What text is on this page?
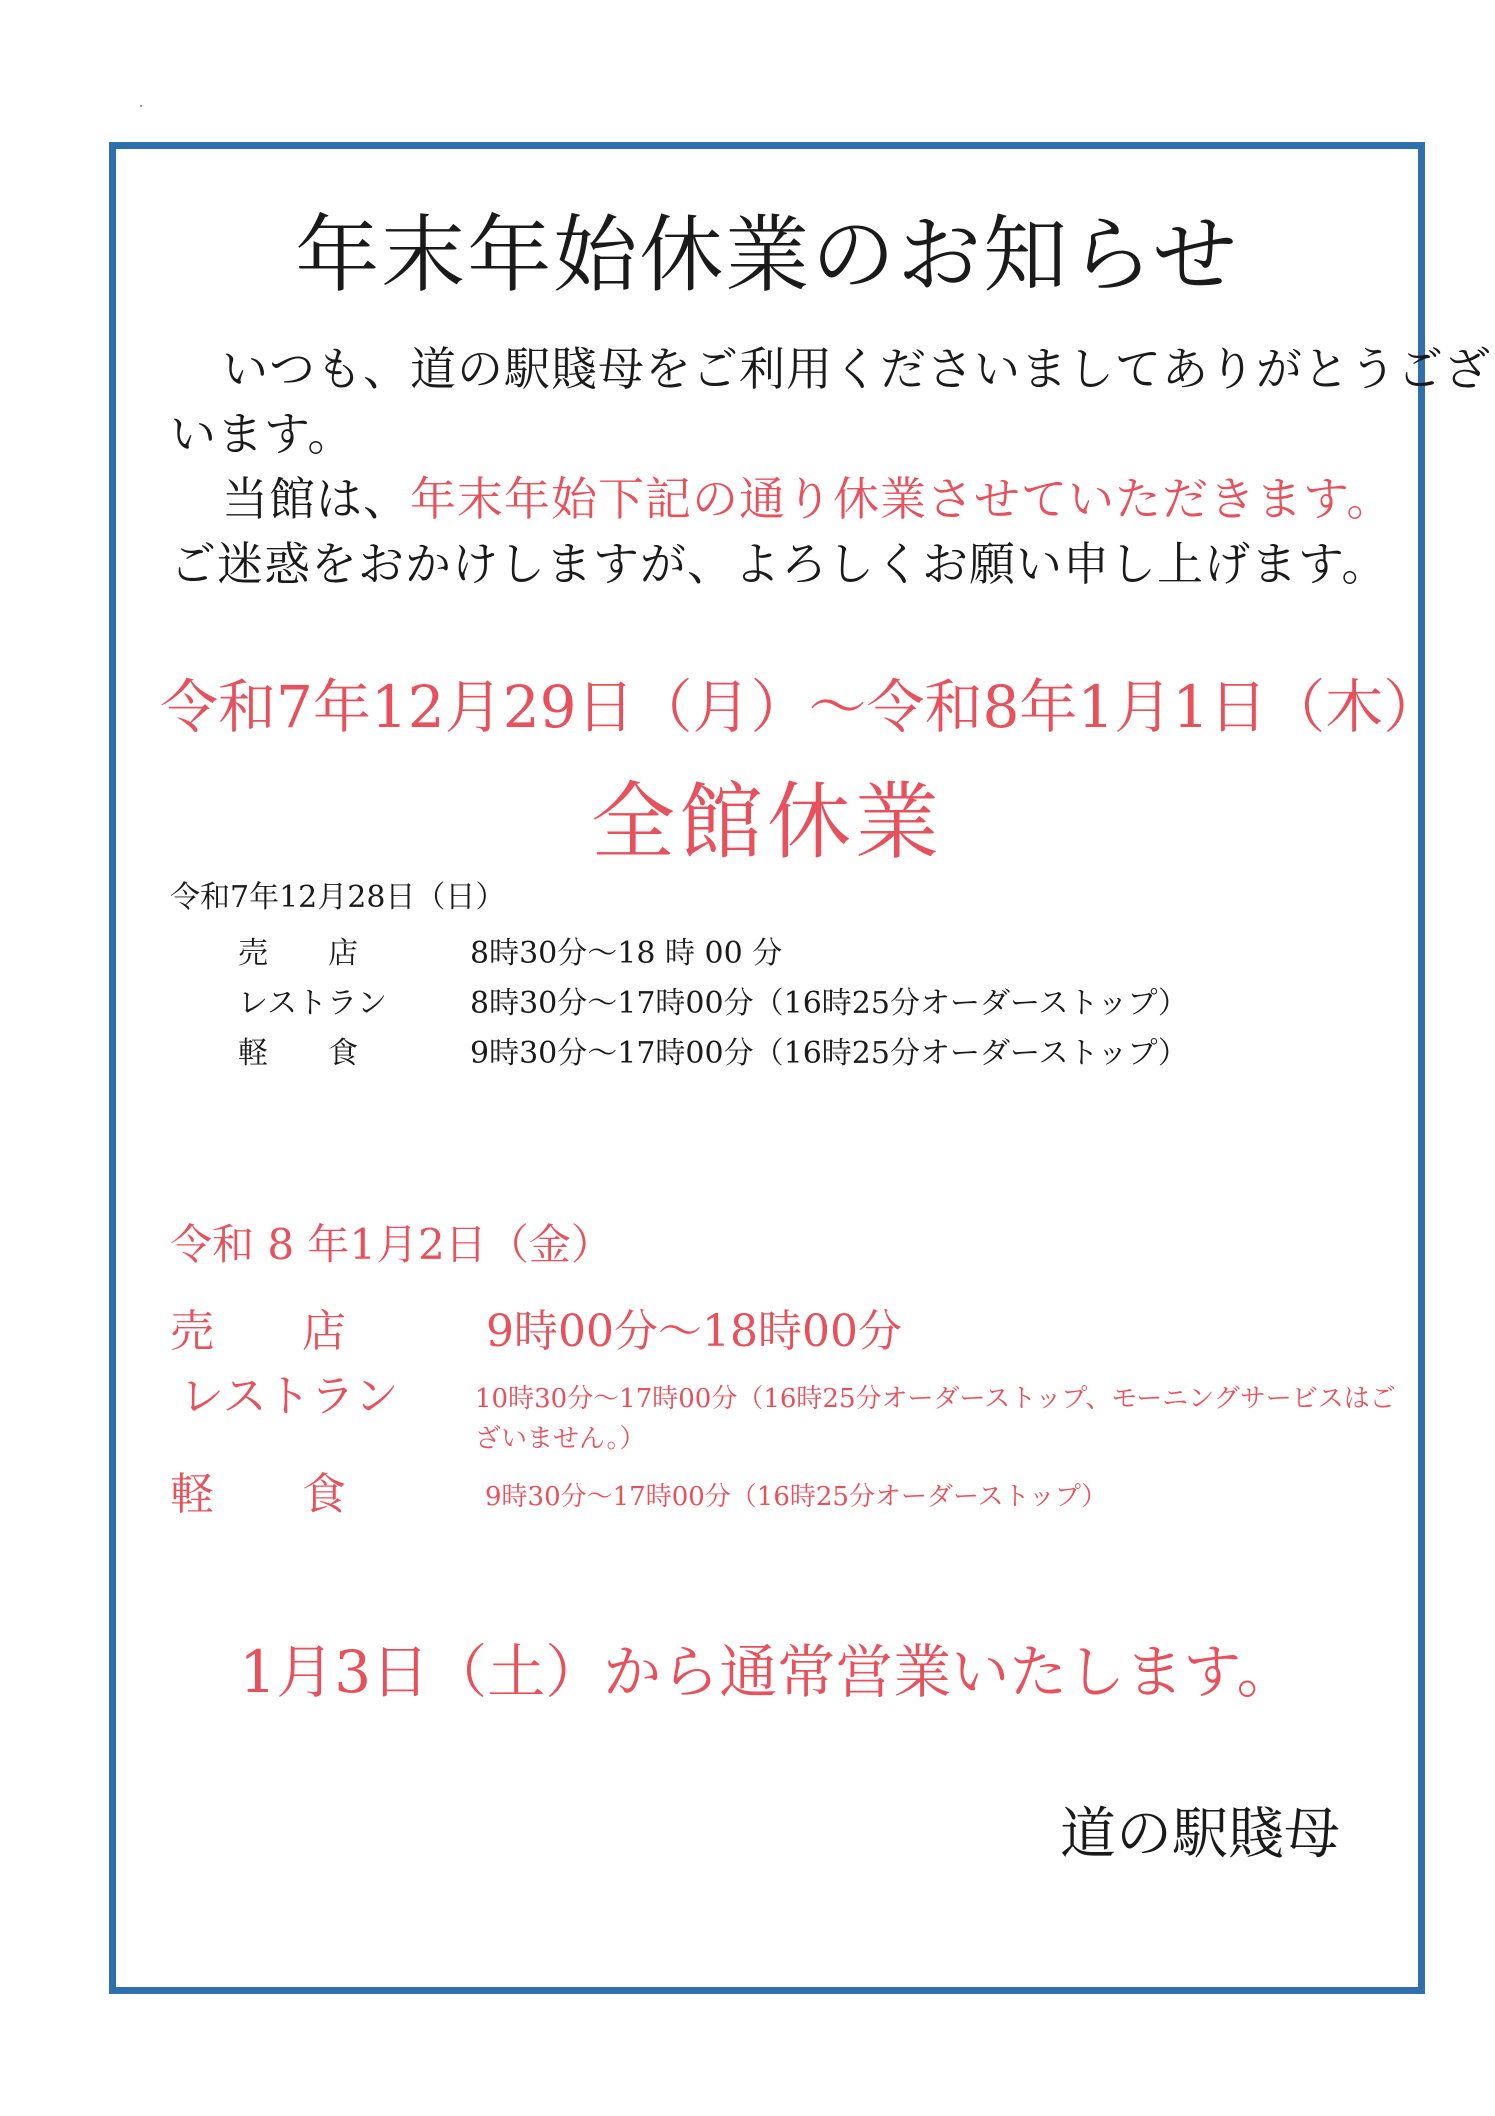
年末年始休業のお知らせ
いつも、道の駅賤母をご利用くださいましてありがとうござ
います。
当館は、年末年始下記の通り休業させていただきます。
ご迷惑をおかけしますが、よろしくお願い申し上げます。
令和7年12月29日（月）～令和8年1月1日（木）
全館休業
令和7年12月28日（日）
売　　店	8時30分～18 時 00 分
レストラン	8時30分～17時00分（16時25分オーダーストップ）
軽　　食	9時30分～17時00分（16時25分オーダーストップ）
令和 8 年1月2日（金）
売　　店	9時00分～18時00分
レストラン	10時30分～17時00分（16時25分オーダーストップ、モーニングサービスはご
ざいません。）
軽　　食	9時30分～17時00分（16時25分オーダーストップ）
1月3日（土）から通常営業いたします。
道の駅賤母
